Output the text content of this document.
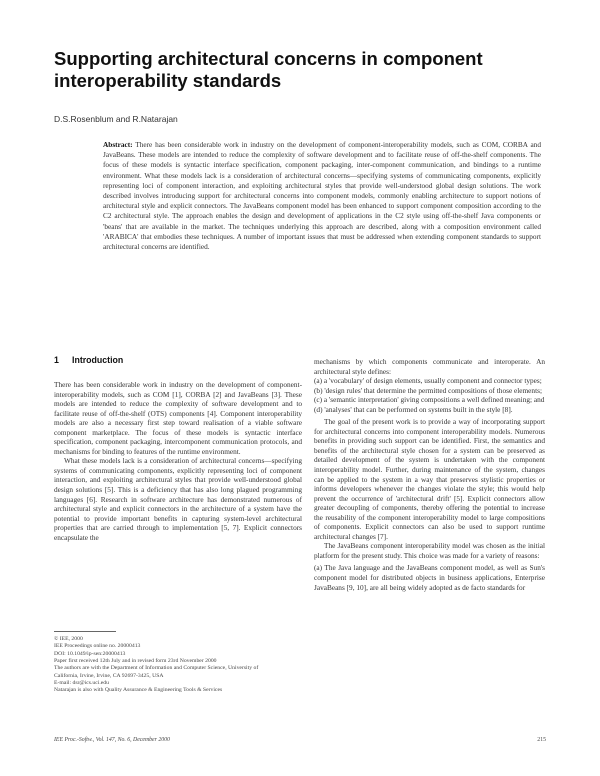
Supporting architectural concerns in component interoperability standards
D.S.Rosenblum and R.Natarajan

Abstract: There has been considerable work in industry on the development of component-interoperability models, such as COM, CORBA and JavaBeans. These models are intended to reduce the complexity of software development and to facilitate reuse of off-the-shelf components. The focus of these models is syntactic interface specification, component packaging, inter-component communication, and bindings to a runtime environment. What these models lack is a consideration of architectural concerns—specifying systems of communicating components, explicitly representing loci of component interaction, and exploiting architectural styles that provide well-understood global design solutions. The work described involves introducing support for architectural concerns into component models, commonly enabling architecture to support notions of architectural style and explicit connectors. The JavaBeans component model has been enhanced to support component composition according to the C2 architectural style. The approach enables the design and development of applications in the C2 style using off-the-shelf Java components or 'beans' that are available in the market. The techniques underlying this approach are described, along with a composition environment called 'ARABICA' that embodies these techniques. A number of important issues that must be addressed when extending component standards to support architectural concerns are identified.

1 Introduction

There has been considerable work in industry on the development of component-interoperability models, such as COM [1], CORBA [2] and JavaBeans [3]. These models are intended to reduce the complexity of software development and to facilitate reuse of off-the-shelf (OTS) components [4]. Component interoperability models are also a necessary first step toward realisation of a viable software component marketplace. The focus of these models is syntactic interface specification, component packaging, intercomponent communication protocols, and mechanisms for binding to features of the runtime environment.

What these models lack is a consideration of architectural concerns—specifying systems of communicating components, explicitly representing loci of component interaction, and exploiting architectural styles that provide well-understood global design solutions [5]. This is a deficiency that has also long plagued programming languages [6]. Research in software architecture has demonstrated numerous of architectural style and explicit connectors in the architecture of a system have the potential to provide important benefits in capturing system-level architectural properties that are carried through to implementation [5, 7]. Explicit connectors encapsulate the

mechanisms by which components communicate and interoperate. An architectural style defines:

(a) a 'vocabulary' of design elements, usually component and connector types;
(b) 'design rules' that determine the permitted compositions of those elements;
(c) a 'semantic interpretation' giving compositions a well defined meaning; and
(d) 'analyses' that can be performed on systems built in the style [8].

The goal of the present work is to provide a way of incorporating support for architectural concerns into component interoperability models. Numerous benefits in providing such support can be identified. First, the semantics and benefits of the architectural style chosen for a system can be preserved as detailed development of the system is undertaken with the component interoperability model. Further, during maintenance of the system, changes can be applied to the system in a way that preserves stylistic properties or informs developers whenever the changes violate the style; this would help prevent the occurrence of 'architectural drift' [5]. Explicit connectors allow greater decoupling of components, thereby offering the potential to increase the reusability of the component interoperability model to large compositions of components. Explicit connectors can also be used to support runtime architectural changes [7].

The JavaBeans component interoperability model was chosen as the initial platform for the present study. This choice was made for a variety of reasons:

(a) The Java language and the JavaBeans component model, as well as Sun's component model for distributed objects in business applications, Enterprise JavaBeans [9, 10], are all being widely adopted as de facto standards for

© IEE, 2000
IEE Proceedings online no. 20000413
DOI: 10.1049/ip-sen:20000413
Paper first received 12th July and in revised form 23rd November 2000
The authors are with the Department of Information and Computer Science, University of California, Irvine, Irvine, CA 92697-3425, USA
E-mail: dsr@ics.uci.edu
Natarajan is also with Quality Assurance & Engineering Tools & Services
IEE Proc.-Softw., Vol. 147, No. 6, December 2000	215
